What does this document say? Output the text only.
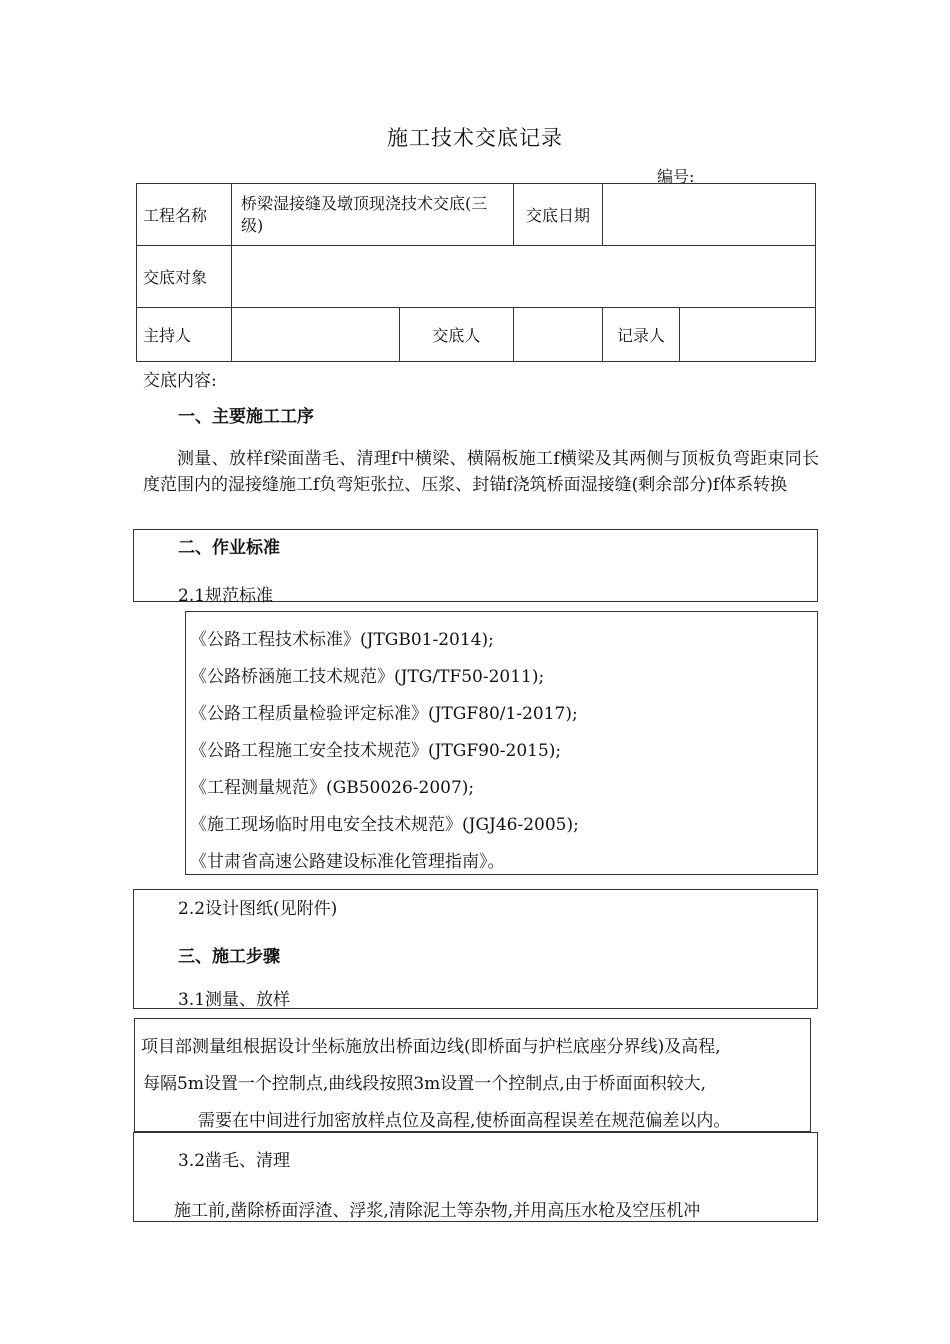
施工技术交底记录
编号:
工程名称	桥梁湿接缝及墩顶现浇技术交底(三级)		交底日期		
交底对象					
主持人		交底人		记录人	
交底内容:
一、主要施工工序
测量、放样f梁面凿毛、清理f中横梁、横隔板施工f横梁及其两侧与顶板负弯距束同长度范围内的湿接缝施工f负弯矩张拉、压浆、封锚f浇筑桥面湿接缝(剩余部分)f体系转换
二、作业标准
2.1规范标准
《公路工程技术标准》(JTGB01-2014);
《公路桥涵施工技术规范》(JTG/TF50-2011);
《公路工程质量检验评定标准》(JTGF80/1-2017);
《公路工程施工安全技术规范》(JTGF90-2015);
《工程测量规范》(GB50026-2007);
《施工现场临时用电安全技术规范》(JGJ46-2005);
《甘肃省高速公路建设标准化管理指南》。
2.2设计图纸(见附件)
三、施工步骤
3.1测量、放样
项目部测量组根据设计坐标施放出桥面边线(即桥面与护栏底座分界线)及高程,
每隔5m设置一个控制点,曲线段按照3m设置一个控制点,由于桥面面积较大,
需要在中间进行加密放样点位及高程,使桥面高程误差在规范偏差以内。
3.2凿毛、清理
施工前,凿除桥面浮渣、浮浆,清除泥土等杂物,并用高压水枪及空压机冲
